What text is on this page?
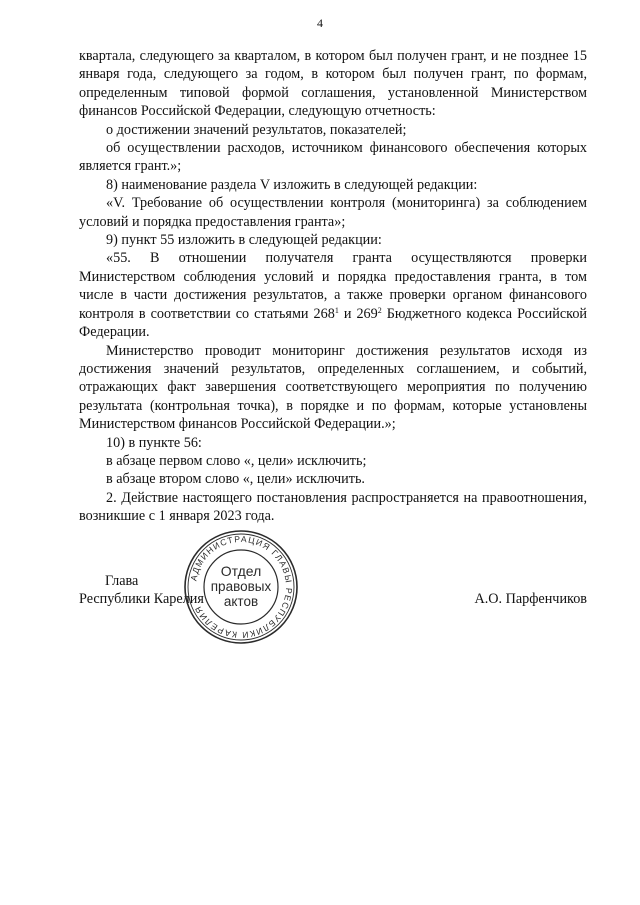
4

квартала, следующего за кварталом, в котором был получен грант, и не позднее 15 января года, следующего за годом, в котором был получен грант, по формам, определенным типовой формой соглашения, установленной Министерством финансов Российской Федерации, следующую отчетность:

о достижении значений результатов, показателей;

об осуществлении расходов, источником финансового обеспечения которых является грант.»;

8) наименование раздела V изложить в следующей редакции:

«V. Требование об осуществлении контроля (мониторинга) за соблюдением условий и порядка предоставления гранта»;

9) пункт 55 изложить в следующей редакции:

«55. В отношении получателя гранта осуществляются проверки Министерством соблюдения условий и порядка предоставления гранта, в том числе в части достижения результатов, а также проверки органом финансового контроля в соответствии со статьями $268^1$ и $269^2$ Бюджетного кодекса Российской Федерации.

Министерство проводит мониторинг достижения результатов исходя из достижения значений результатов, определенных соглашением, и событий, отражающих факт завершения соответствующего мероприятия по получению результата (контрольная точка), в порядке и по формам, которые установлены Министерством финансов Российской Федерации.»;

10) в пункте 56:

в абзаце первом слово «, цели» исключить;

в абзаце втором слово «, цели» исключить.

2. Действие настоящего постановления распространяется на правоотношения, возникшие с 1 января 2023 года.

Глава
Республики Карелия	А.О. Парфенчиков
АДМИНИСТРАЦИЯ ГЛАВЫ РЕСПУБЛИКИ КАРЕЛИЯ
Отдел
правовых
актов
